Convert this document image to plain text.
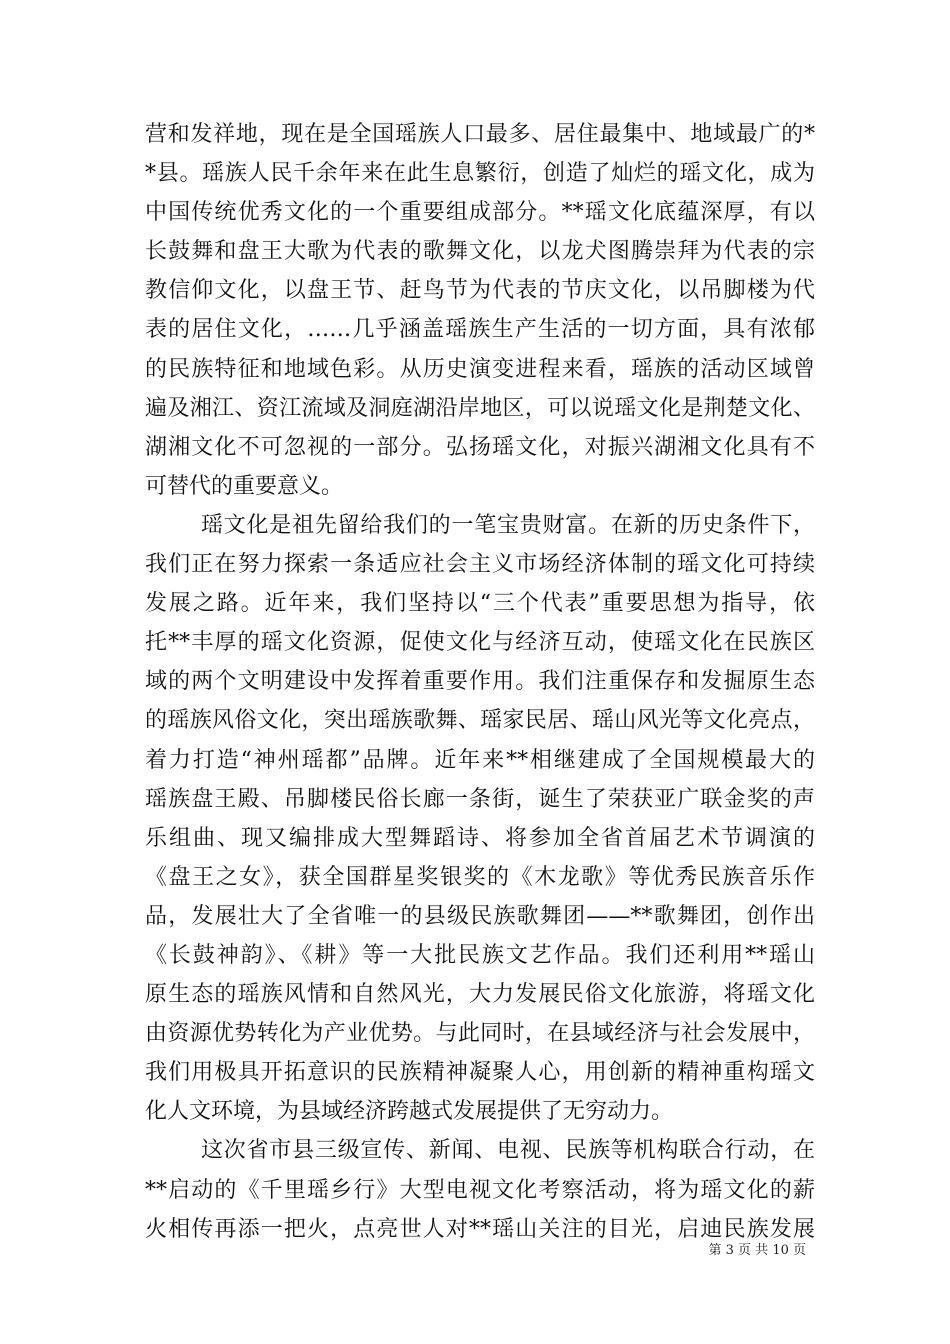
营和发祥地，现在是全国瑶族人口最多、居住最集中、地域最广的*
*县。瑶族人民千余年来在此生息繁衍，创造了灿烂的瑶文化，成为
中国传统优秀文化的一个重要组成部分。**瑶文化底蕴深厚，有以
长鼓舞和盘王大歌为代表的歌舞文化，以龙犬图腾崇拜为代表的宗
教信仰文化，以盘王节、赶鸟节为代表的节庆文化，以吊脚楼为代
表的居住文化，……几乎涵盖瑶族生产生活的一切方面，具有浓郁
的民族特征和地域色彩。从历史演变进程来看，瑶族的活动区域曾
遍及湘江、资江流域及洞庭湖沿岸地区，可以说瑶文化是荆楚文化、
湖湘文化不可忽视的一部分。弘扬瑶文化，对振兴湖湘文化具有不
可替代的重要意义。
瑶文化是祖先留给我们的一笔宝贵财富。在新的历史条件下，
我们正在努力探索一条适应社会主义市场经济体制的瑶文化可持续
发展之路。近年来，我们坚持以“三个代表”重要思想为指导，依
托**丰厚的瑶文化资源，促使文化与经济互动，使瑶文化在民族区
域的两个文明建设中发挥着重要作用。我们注重保存和发掘原生态
的瑶族风俗文化，突出瑶族歌舞、瑶家民居、瑶山风光等文化亮点，
着力打造“神州瑶都”品牌。近年来**相继建成了全国规模最大的
瑶族盘王殿、吊脚楼民俗长廊一条街，诞生了荣获亚广联金奖的声
乐组曲、现又编排成大型舞蹈诗、将参加全省首届艺术节调演的
《盘王之女》，获全国群星奖银奖的《木龙歌》等优秀民族音乐作
品，发展壮大了全省唯一的县级民族歌舞团——**歌舞团，创作出
《长鼓神韵》、《耕》等一大批民族文艺作品。我们还利用**瑶山
原生态的瑶族风情和自然风光，大力发展民俗文化旅游，将瑶文化
由资源优势转化为产业优势。与此同时，在县域经济与社会发展中，
我们用极具开拓意识的民族精神凝聚人心，用创新的精神重构瑶文
化人文环境，为县域经济跨越式发展提供了无穷动力。
这次省市县三级宣传、新闻、电视、民族等机构联合行动，在
**启动的《千里瑶乡行》大型电视文化考察活动，将为瑶文化的薪
火相传再添一把火，点亮世人对**瑶山关注的目光，启迪民族发展
第 3 页 共 10 页
